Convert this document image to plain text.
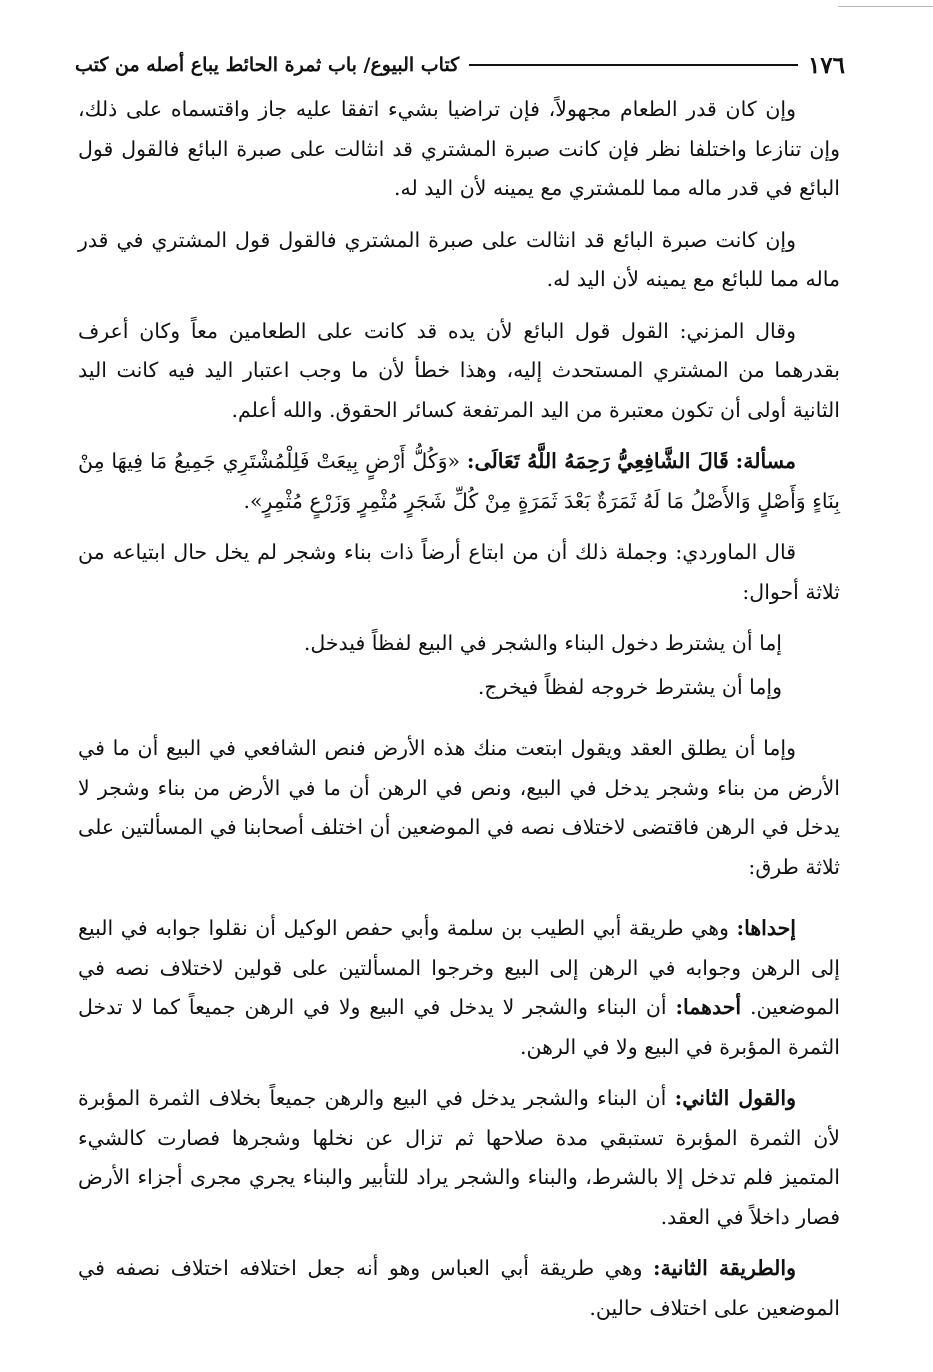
١٧٦
كتاب البيوع/ باب ثمرة الحائط يباع أصله من كتب

وإن كان قدر الطعام مجهولاً، فإن تراضيا بشيء اتفقا عليه جاز واقتسماه على ذلك، وإن تنازعا واختلفا نظر فإن كانت صبرة المشتري قد انثالت على صبرة البائع فالقول قول البائع في قدر ماله مما للمشتري مع يمينه لأن اليد له.

وإن كانت صبرة البائع قد انثالت على صبرة المشتري فالقول قول المشتري في قدر ماله مما للبائع مع يمينه لأن اليد له.

وقال المزني: القول قول البائع لأن يده قد كانت على الطعامين معاً وكان أعرف بقدرهما من المشتري المستحدث إليه، وهذا خطأ لأن ما وجب اعتبار اليد فيه كانت اليد الثانية أولى أن تكون معتبرة من اليد المرتفعة كسائر الحقوق. والله أعلم.

مسألة: قَالَ الشَّافِعِيُّ رَحِمَهُ اللَّهُ تَعَالَى: «وَكُلُّ أَرْضٍ بِيعَتْ فَلِلْمُشْتَرِي جَمِيعُ مَا فِيهَا مِنْ بِنَاءٍ وَأَصْلٍ وَالأَصْلُ مَا لَهُ ثَمَرَةٌ بَعْدَ ثَمَرَةٍ مِنْ كُلِّ شَجَرٍ مُثْمِرٍ وَزَرْعٍ مُثْمِرٍ».

قال الماوردي: وجملة ذلك أن من ابتاع أرضاً ذات بناء وشجر لم يخل حال ابتياعه من ثلاثة أحوال:

إما أن يشترط دخول البناء والشجر في البيع لفظاً فيدخل.

وإما أن يشترط خروجه لفظاً فيخرج.

وإما أن يطلق العقد ويقول ابتعت منك هذه الأرض فنص الشافعي في البيع أن ما في الأرض من بناء وشجر يدخل في البيع، ونص في الرهن أن ما في الأرض من بناء وشجر لا يدخل في الرهن فاقتضى لاختلاف نصه في الموضعين أن اختلف أصحابنا في المسألتين على ثلاثة طرق:

إحداها: وهي طريقة أبي الطيب بن سلمة وأبي حفص الوكيل أن نقلوا جوابه في البيع إلى الرهن وجوابه في الرهن إلى البيع وخرجوا المسألتين على قولين لاختلاف نصه في الموضعين. أحدهما: أن البناء والشجر لا يدخل في البيع ولا في الرهن جميعاً كما لا تدخل الثمرة المؤبرة في البيع ولا في الرهن.

والقول الثاني: أن البناء والشجر يدخل في البيع والرهن جميعاً بخلاف الثمرة المؤبرة لأن الثمرة المؤبرة تستبقي مدة صلاحها ثم تزال عن نخلها وشجرها فصارت كالشيء المتميز فلم تدخل إلا بالشرط، والبناء والشجر يراد للتأبير والبناء يجري مجرى أجزاء الأرض فصار داخلاً في العقد.

والطريقة الثانية: وهي طريقة أبي العباس وهو أنه جعل اختلافه اختلاف نصفه في الموضعين على اختلاف حالين.
